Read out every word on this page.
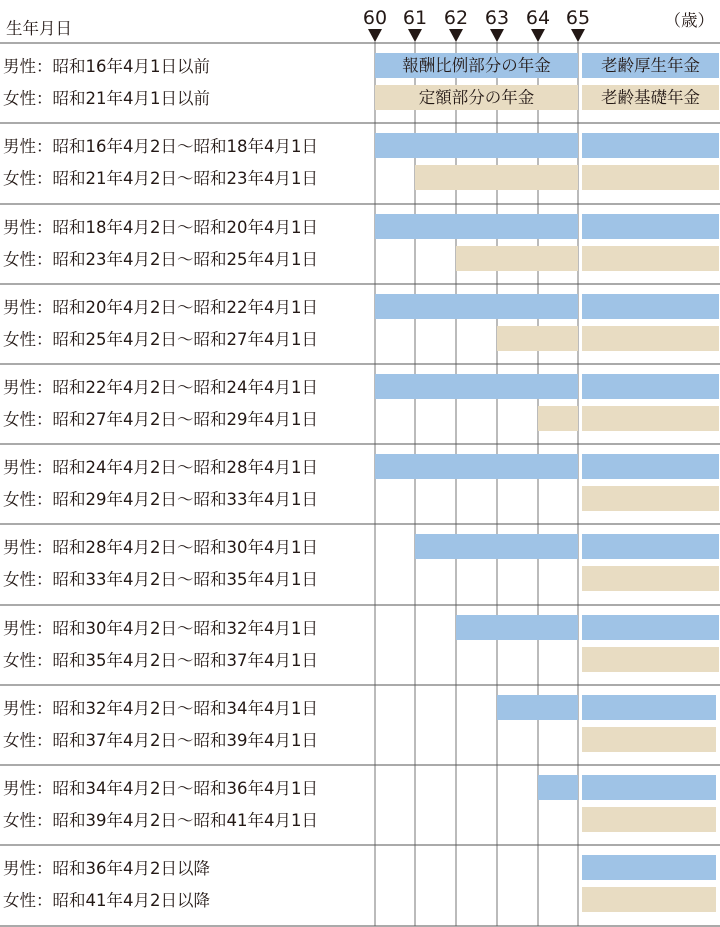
生年月日	（歳）
60 61 62 63 64 65
男性：昭和16年4月1日以前
女性：昭和21年4月1日以前
報酬比例部分の年金
定額部分の年金
老齢厚生年金
老齢基礎年金
男性：昭和16年4月2日～昭和18年4月1日
女性：昭和21年4月2日～昭和23年4月1日
男性：昭和18年4月2日～昭和20年4月1日
女性：昭和23年4月2日～昭和25年4月1日
男性：昭和20年4月2日～昭和22年4月1日
女性：昭和25年4月2日～昭和27年4月1日
男性：昭和22年4月2日～昭和24年4月1日
女性：昭和27年4月2日～昭和29年4月1日
男性：昭和24年4月2日～昭和28年4月1日
女性：昭和29年4月2日～昭和33年4月1日
男性：昭和28年4月2日～昭和30年4月1日
女性：昭和33年4月2日～昭和35年4月1日
男性：昭和30年4月2日～昭和32年4月1日
女性：昭和35年4月2日～昭和37年4月1日
男性：昭和32年4月2日～昭和34年4月1日
女性：昭和37年4月2日～昭和39年4月1日
男性：昭和34年4月2日～昭和36年4月1日
女性：昭和39年4月2日～昭和41年4月1日
男性：昭和36年4月2日以降
女性：昭和41年4月2日以降
